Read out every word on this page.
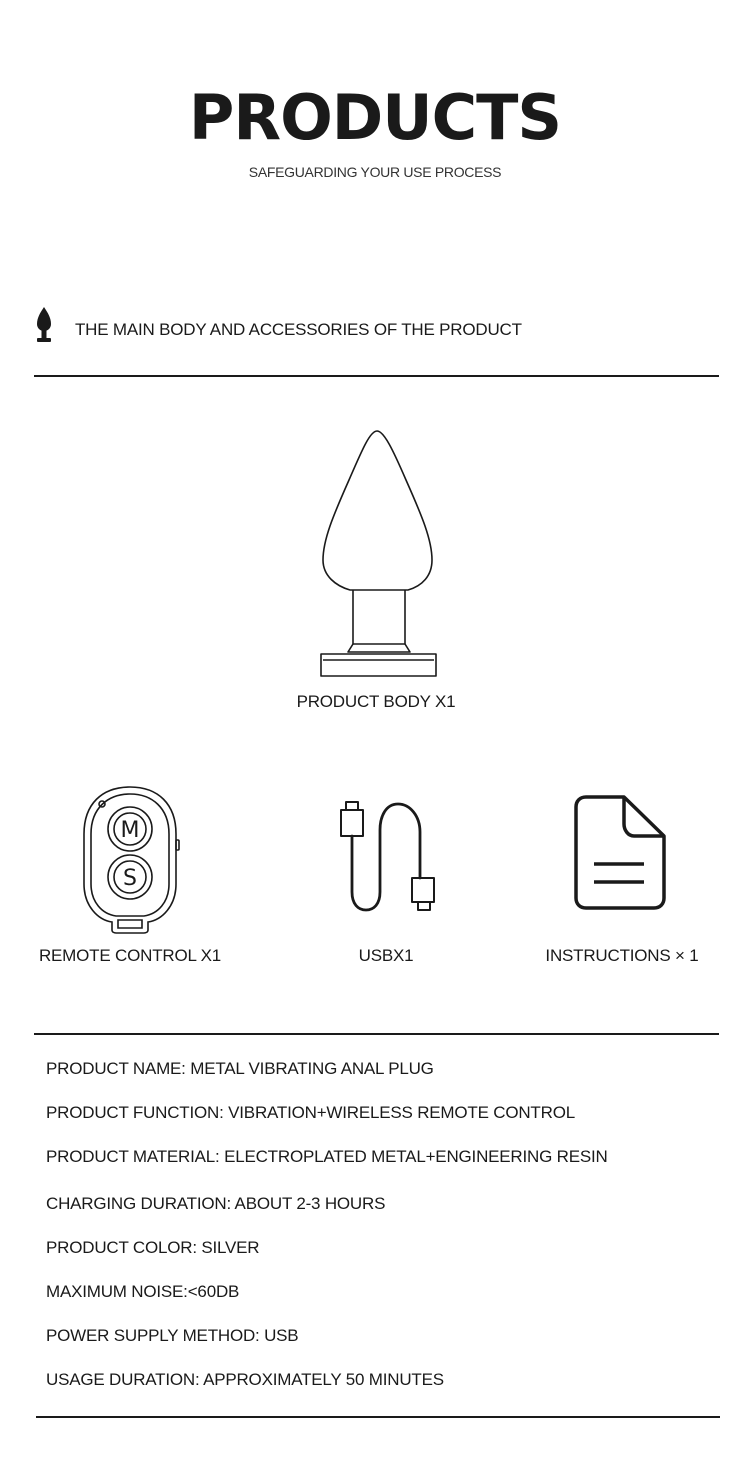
PRODUCTS
SAFEGUARDING YOUR USE PROCESS
THE MAIN BODY AND ACCESSORIES OF THE PRODUCT
PRODUCT BODY X1
M
S
REMOTE CONTROL X1	USBX1	INSTRUCTIONS × 1
PRODUCT NAME: METAL VIBRATING ANAL PLUG
PRODUCT FUNCTION: VIBRATION+WIRELESS REMOTE CONTROL
PRODUCT MATERIAL: ELECTROPLATED METAL+ENGINEERING RESIN
CHARGING DURATION: ABOUT 2-3 HOURS
PRODUCT COLOR: SILVER
MAXIMUM NOISE:<60DB
POWER SUPPLY METHOD: USB
USAGE DURATION: APPROXIMATELY 50 MINUTES
